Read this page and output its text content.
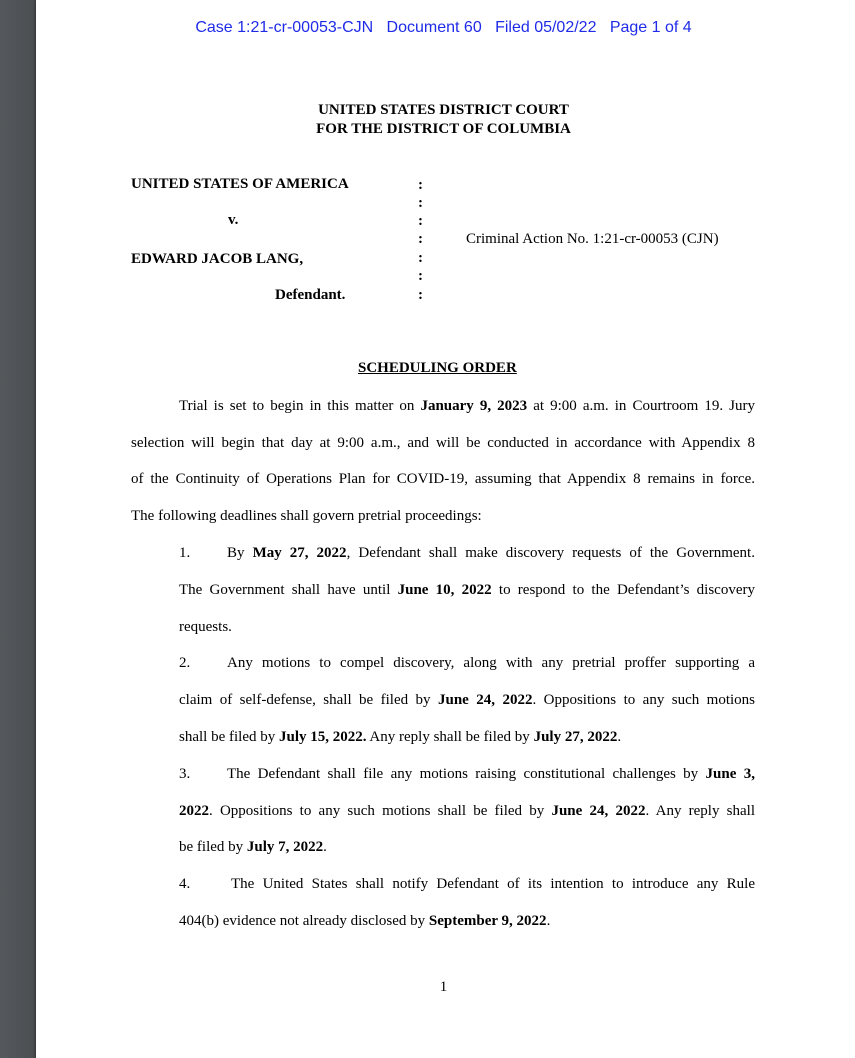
Case 1:21-cr-00053-CJN Document 60 Filed 05/02/22 Page 1 of 4
UNITED STATES DISTRICT COURT
FOR THE DISTRICT OF COLUMBIA
UNITED STATES OF AMERICA
v.
EDWARD JACOB LANG,
Defendant.
:
:
:
:
:
:
:
Criminal Action No. 1:21-cr-00053 (CJN)
SCHEDULING ORDER
Trial is set to begin in this matter on January 9, 2023 at 9:00 a.m. in Courtroom 19. Jury
selection will begin that day at 9:00 a.m., and will be conducted in accordance with Appendix 8
of the Continuity of Operations Plan for COVID-19, assuming that Appendix 8 remains in force.
The following deadlines shall govern pretrial proceedings:
1. By May 27, 2022, Defendant shall make discovery requests of the Government.
The Government shall have until June 10, 2022 to respond to the Defendant’s discovery
requests.
2. Any motions to compel discovery, along with any pretrial proffer supporting a
claim of self-defense, shall be filed by June 24, 2022. Oppositions to any such motions
shall be filed by July 15, 2022. Any reply shall be filed by July 27, 2022.
3. The Defendant shall file any motions raising constitutional challenges by June 3,
2022. Oppositions to any such motions shall be filed by June 24, 2022. Any reply shall
be filed by July 7, 2022.
4.	The United States shall notify Defendant of its intention to introduce any Rule
404(b) evidence not already disclosed by September 9, 2022.
1
